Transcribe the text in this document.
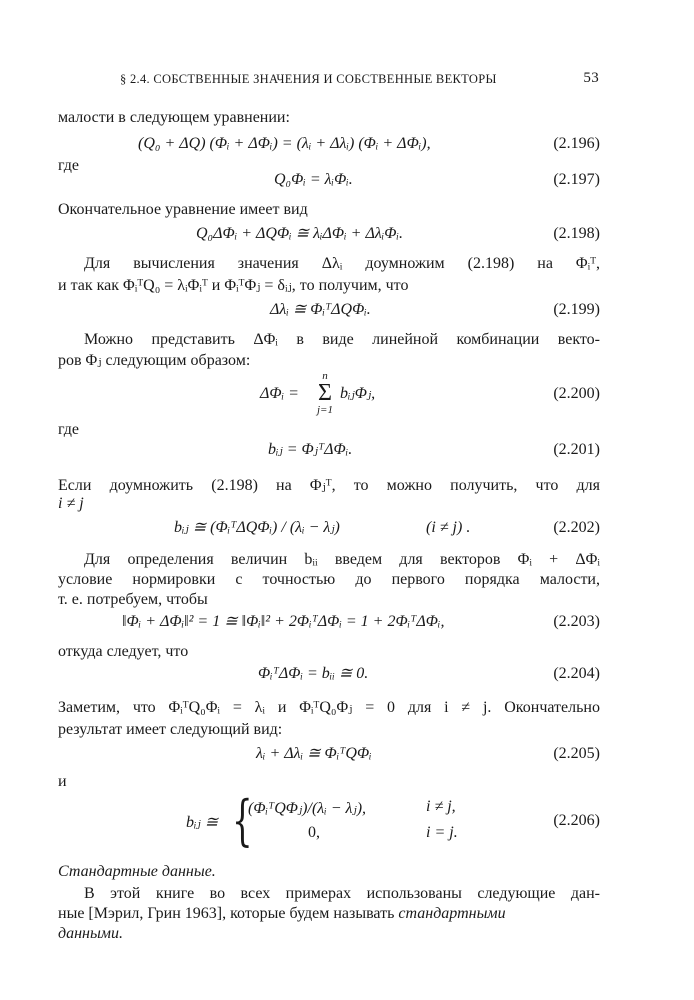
§ 2.4. СОБСТВЕННЫЕ ЗНАЧЕНИЯ И СОБСТВЕННЫЕ ВЕКТОРЫ	53
малости в следующем уравнении:
(Q₀ + ΔQ) (Φᵢ + ΔΦᵢ) = (λᵢ + Δλᵢ) (Φᵢ + ΔΦᵢ),	(2.196)
где
Q₀Φᵢ = λᵢΦᵢ.	(2.197)
Окончательное уравнение имеет вид
Q₀ΔΦᵢ + ΔQΦᵢ ≅ λᵢΔΦᵢ + ΔλᵢΦᵢ.	(2.198)
Для вычисления значения Δλᵢ доумножим (2.198) на Φᵢᵀ,
и так как ΦᵢᵀQ₀ = λᵢΦᵢᵀ и ΦᵢᵀΦⱼ = δᵢⱼ, то получим, что
Δλᵢ ≅ ΦᵢᵀΔQΦᵢ.	(2.199)
Можно представить ΔΦᵢ в виде линейной комбинации векто-
ров Φⱼ следующим образом:
ΔΦᵢ =
n
Σ
j=1
bᵢⱼΦⱼ,	(2.200)
где
bᵢⱼ = ΦⱼᵀΔΦᵢ.	(2.201)
Если доумножить (2.198) на Φⱼᵀ, то можно получить, что для
i ≠ j
bᵢⱼ ≅ (ΦᵢᵀΔQΦᵢ) / (λᵢ − λⱼ)	(i ≠ j) .	(2.202)
Для определения величин bᵢᵢ введем для векторов Φᵢ + ΔΦᵢ
условие нормировки с точностью до первого порядка малости,
т. е. потребуем, чтобы
‖Φᵢ + ΔΦᵢ‖² = 1 ≅ ‖Φᵢ‖² + 2ΦᵢᵀΔΦᵢ = 1 + 2ΦᵢᵀΔΦᵢ,	(2.203)
откуда следует, что
ΦᵢᵀΔΦᵢ = bᵢᵢ ≅ 0.	(2.204)
Заметим, что ΦᵢᵀQ₀Φᵢ = λᵢ и ΦᵢᵀQ₀Φⱼ = 0 для i ≠ j. Окончательно
результат имеет следующий вид:
λᵢ + Δλᵢ ≅ ΦᵢᵀQΦᵢ	(2.205)
и
bᵢⱼ ≅ {
(ΦᵢᵀQΦⱼ)/(λᵢ − λⱼ),	i ≠ j,
0,	i = j.
(2.206)
Стандартные данные.
В этой книге во всех примерах использованы следующие дан-
ные [Мэрил, Грин 1963], которые будем называть стандартными
данными.
